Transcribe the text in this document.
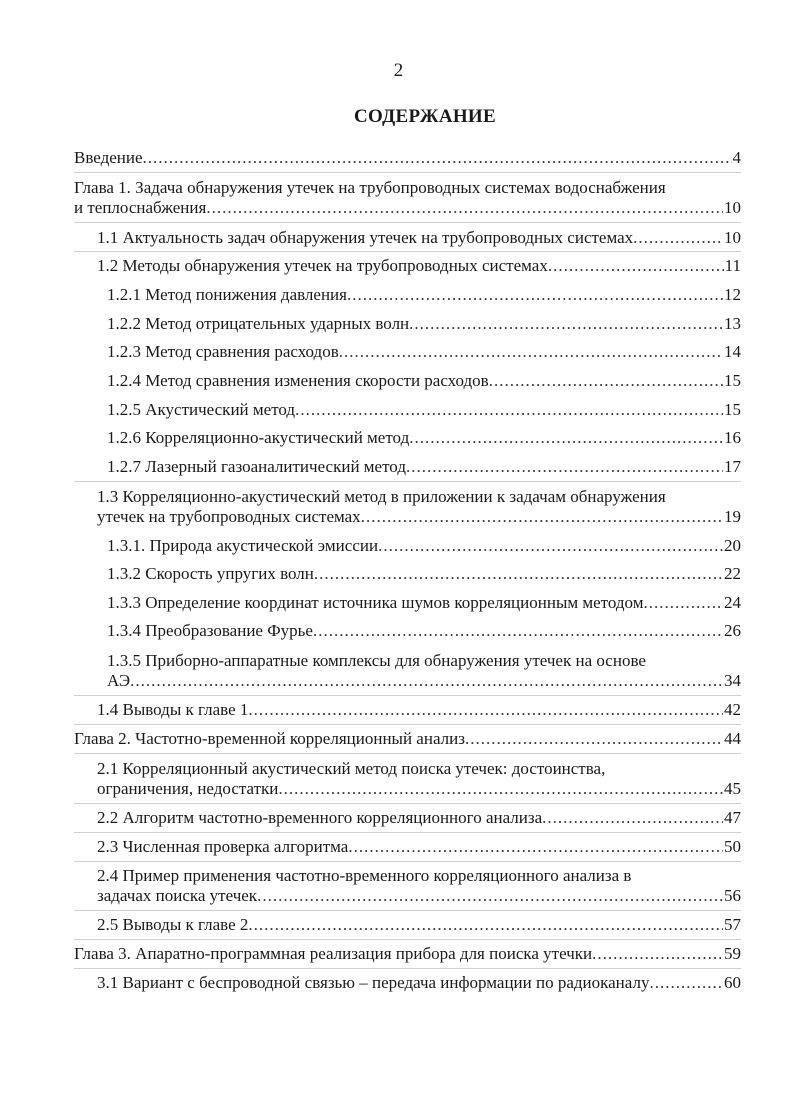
2
СОДЕРЖАНИЕ
Введение .....	4
Глава 1. Задача обнаружения утечек на трубопроводных системах водоснабжения
и теплоснабжения .....	10
1.1 Актуальность задач обнаружения утечек на трубопроводных системах .....	10
1.2 Методы обнаружения утечек на трубопроводных системах .....	11
1.2.1 Метод понижения давления .....	12
1.2.2 Метод отрицательных ударных волн .....	13
1.2.3 Метод сравнения расходов .....	14
1.2.4 Метод сравнения изменения скорости расходов .....	15
1.2.5 Акустический метод .....	15
1.2.6 Корреляционно-акустический метод .....	16
1.2.7 Лазерный газоаналитический метод .....	17
1.3 Корреляционно-акустический метод в приложении к задачам обнаружения
утечек на трубопроводных системах .....	19
1.3.1. Природа акустической эмиссии .....	20
1.3.2 Скорость упругих волн .....	22
1.3.3 Определение координат источника шумов корреляционным методом .....	24
1.3.4 Преобразование Фурье .....	26
1.3.5 Приборно-аппаратные комплексы для обнаружения утечек на основе
АЭ .....	34
1.4 Выводы к главе 1 .....	42
Глава 2. Частотно-временной корреляционный анализ .....	44
2.1 Корреляционный акустический метод поиска утечек: достоинства,
ограничения, недостатки .....	45
2.2 Алгоритм частотно-временного корреляционного анализа .....	47
2.3 Численная проверка алгоритма .....	50
2.4 Пример применения частотно-временного корреляционного анализа в
задачах поиска утечек .....	56
2.5 Выводы к главе 2 .....	57
Глава 3. Апаратно-программная реализация прибора для поиска утечки .....	59
3.1 Вариант с беспроводной связью – передача информации по радиоканалу .....	60
